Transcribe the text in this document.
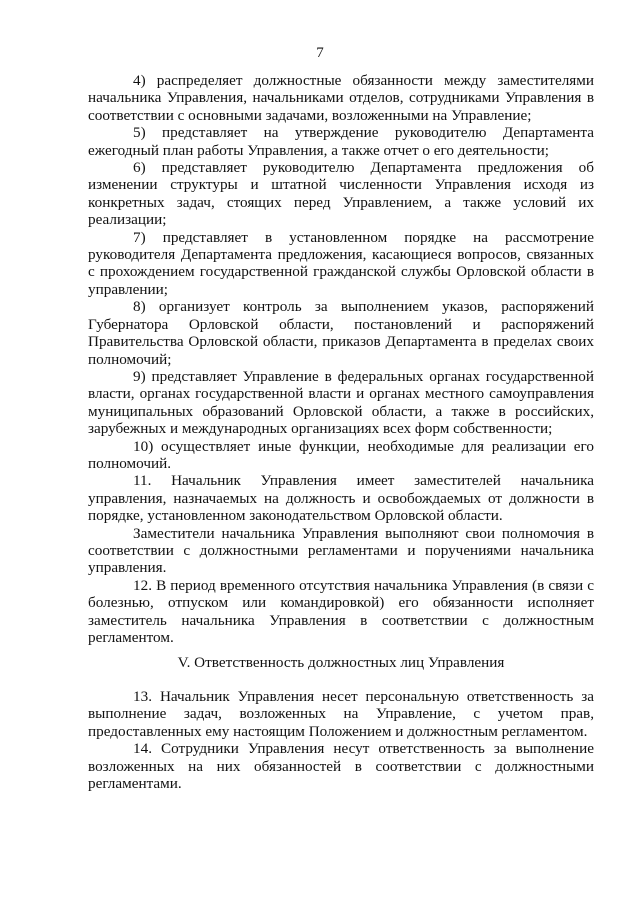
7

4) распределяет должностные обязанности между заместителями начальника Управления, начальниками отделов, сотрудниками Управления в соответствии с основными задачами, возложенными на Управление;

5) представляет на утверждение руководителю Департамента ежегодный план работы Управления, а также отчет о его деятельности;

6) представляет руководителю Департамента предложения об изменении структуры и штатной численности Управления исходя из конкретных задач, стоящих перед Управлением, а также условий их реализации;

7) представляет в установленном порядке на рассмотрение руководителя Департамента предложения, касающиеся вопросов, связанных с прохождением государственной гражданской службы Орловской области в управлении;

8) организует контроль за выполнением указов, распоряжений Губернатора Орловской области, постановлений и распоряжений Правительства Орловской области, приказов Департамента в пределах своих полномочий;

9) представляет Управление в федеральных органах государственной власти, органах государственной власти и органах местного самоуправления муниципальных образований Орловской области, а также в российских, зарубежных и международных организациях всех форм собственности;

10) осуществляет иные функции, необходимые для реализации его полномочий.

11. Начальник Управления имеет заместителей начальника управления, назначаемых на должность и освобождаемых от должности в порядке, установленном законодательством Орловской области.

Заместители начальника Управления выполняют свои полномочия в соответствии с должностными регламентами и поручениями начальника управления.

12. В период временного отсутствия начальника Управления (в связи с болезнью, отпуском или командировкой) его обязанности исполняет заместитель начальника Управления в соответствии с должностным регламентом.

V. Ответственность должностных лиц Управления

13. Начальник Управления несет персональную ответственность за выполнение задач, возложенных на Управление, с учетом прав, предоставленных ему настоящим Положением и должностным регламентом.

14. Сотрудники Управления несут ответственность за выполнение возложенных на них обязанностей в соответствии с должностными регламентами.
